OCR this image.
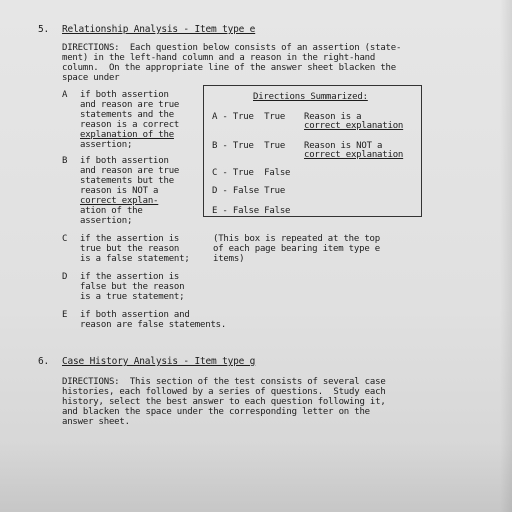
5. Relationship Analysis - Item type e
DIRECTIONS:  Each question below consists of an assertion (state-
ment) in the left-hand column and a reason in the right-hand
column.  On the appropriate line of the answer sheet blacken the
space under
A if both assertion
and reason are true
statements and the
reason is a correct
explanation of the
assertion;
B if both assertion
and reason are true
statements but the
reason is NOT a
correct explan-
ation of the
assertion;
Directions Summarized:
A - True  True Reason is a
correct explanation
B - True  True Reason is NOT a
correct explanation
C - True  False
D - False True
E - False False
C if the assertion is
true but the reason
is a false statement;
(This box is repeated at the top
of each page bearing item type e
items)
D if the assertion is
false but the reason
is a true statement;
E if both assertion and
reason are false statements.
6. Case History Analysis - Item type g
DIRECTIONS:  This section of the test consists of several case
histories, each followed by a series of questions.  Study each
history, select the best answer to each question following it,
and blacken the space under the corresponding letter on the
answer sheet.
